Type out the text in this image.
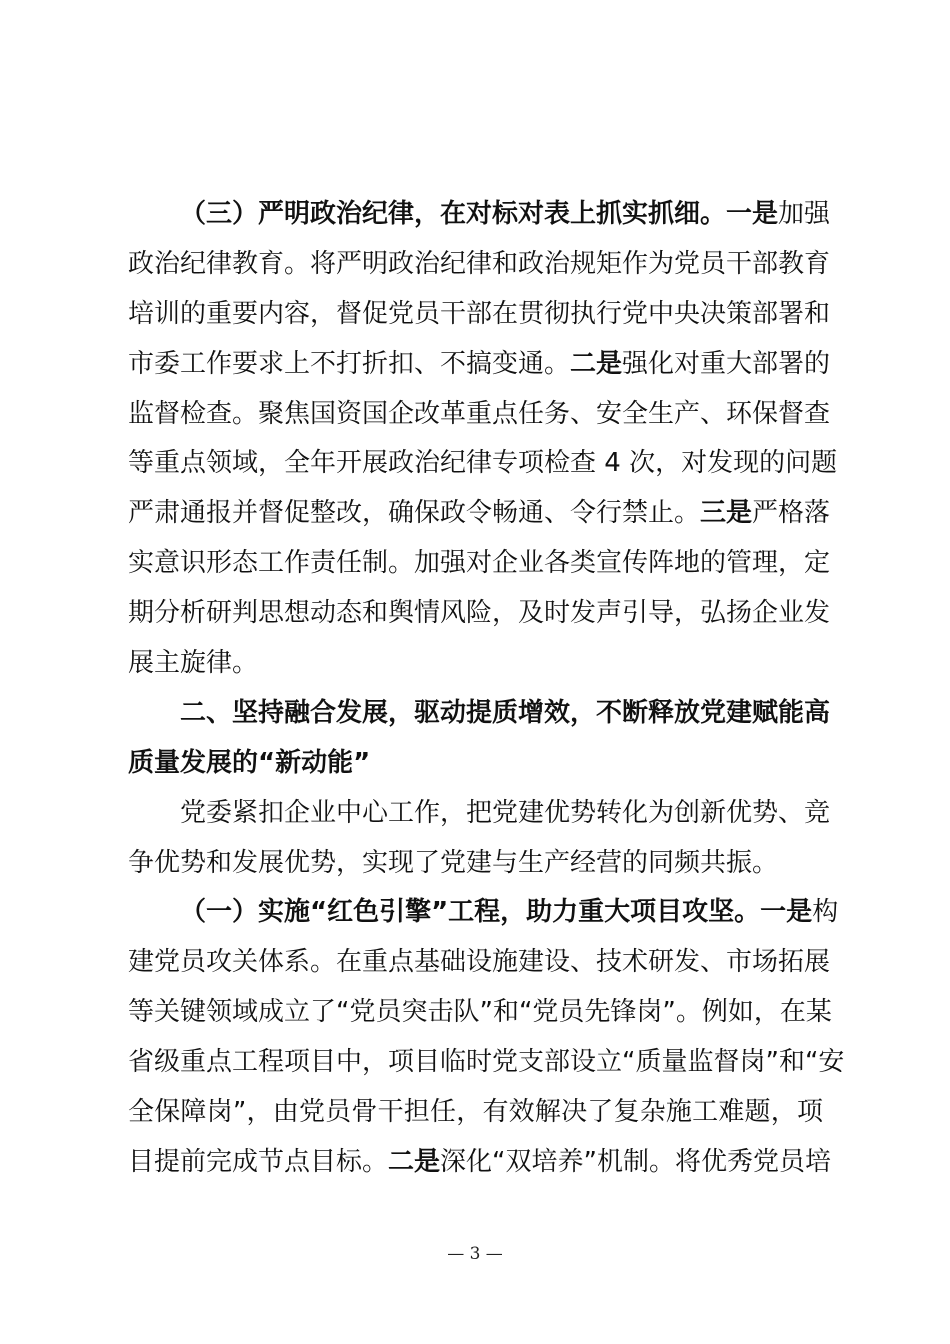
（三）严明政治纪律，在对标对表上抓实抓细。一是加强
政治纪律教育。将严明政治纪律和政治规矩作为党员干部教育
培训的重要内容，督促党员干部在贯彻执行党中央决策部署和
市委工作要求上不打折扣、不搞变通。二是强化对重大部署的
监督检查。聚焦国资国企改革重点任务、安全生产、环保督查
等重点领域，全年开展政治纪律专项检查 4 次，对发现的问题
严肃通报并督促整改，确保政令畅通、令行禁止。三是严格落
实意识形态工作责任制。加强对企业各类宣传阵地的管理，定
期分析研判思想动态和舆情风险，及时发声引导，弘扬企业发
展主旋律。
二、坚持融合发展，驱动提质增效，不断释放党建赋能高
质量发展的“新动能”
党委紧扣企业中心工作，把党建优势转化为创新优势、竞
争优势和发展优势，实现了党建与生产经营的同频共振。
（一）实施“红色引擎”工程，助力重大项目攻坚。一是构
建党员攻关体系。在重点基础设施建设、技术研发、市场拓展
等关键领域成立了“党员突击队”和“党员先锋岗”。例如，在某
省级重点工程项目中，项目临时党支部设立“质量监督岗”和“安
全保障岗”，由党员骨干担任，有效解决了复杂施工难题，项
目提前完成节点目标。二是深化“双培养”机制。将优秀党员培
— 3 —
